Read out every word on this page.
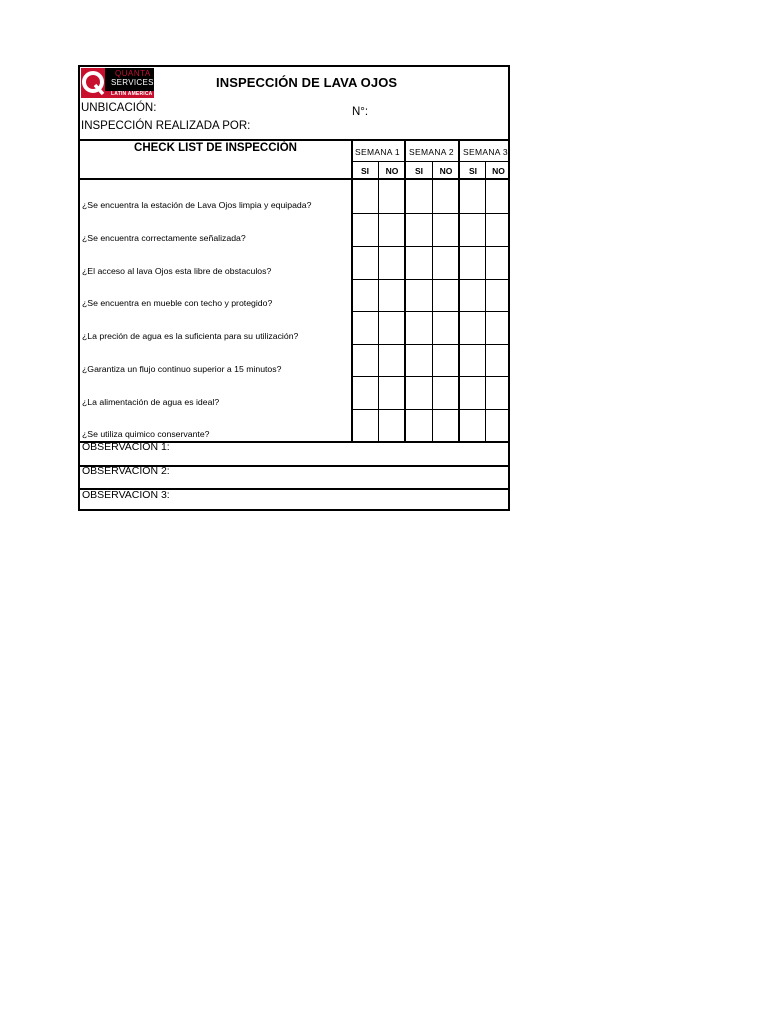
QUANTA
SERVICES
LATIN AMERICA
INSPECCIÓN DE LAVA OJOS
UNBICACIÓN:	N°:
INSPECCIÓN REALIZADA POR:
CHECK LIST DE INSPECCIÓN	SEMANA 1	SEMANA 2	SEMANA 3
SI	NO	SI	NO	SI	NO
¿Se encuentra la estación de Lava Ojos limpia y equipada?
¿Se encuentra correctamente señalizada?
¿El acceso al lava Ojos esta libre de obstaculos?
¿Se encuentra en mueble con techo y protegido?
¿La preción de agua es la suficienta para su utilización?
¿Garantiza un flujo continuo superior a 15 minutos?
¿La alimentación de agua es ideal?
¿Se utiliza quimico conservante?
OBSERVACIÓN 1:
OBSERVACIÓN 2:
OBSERVACIÓN 3:
